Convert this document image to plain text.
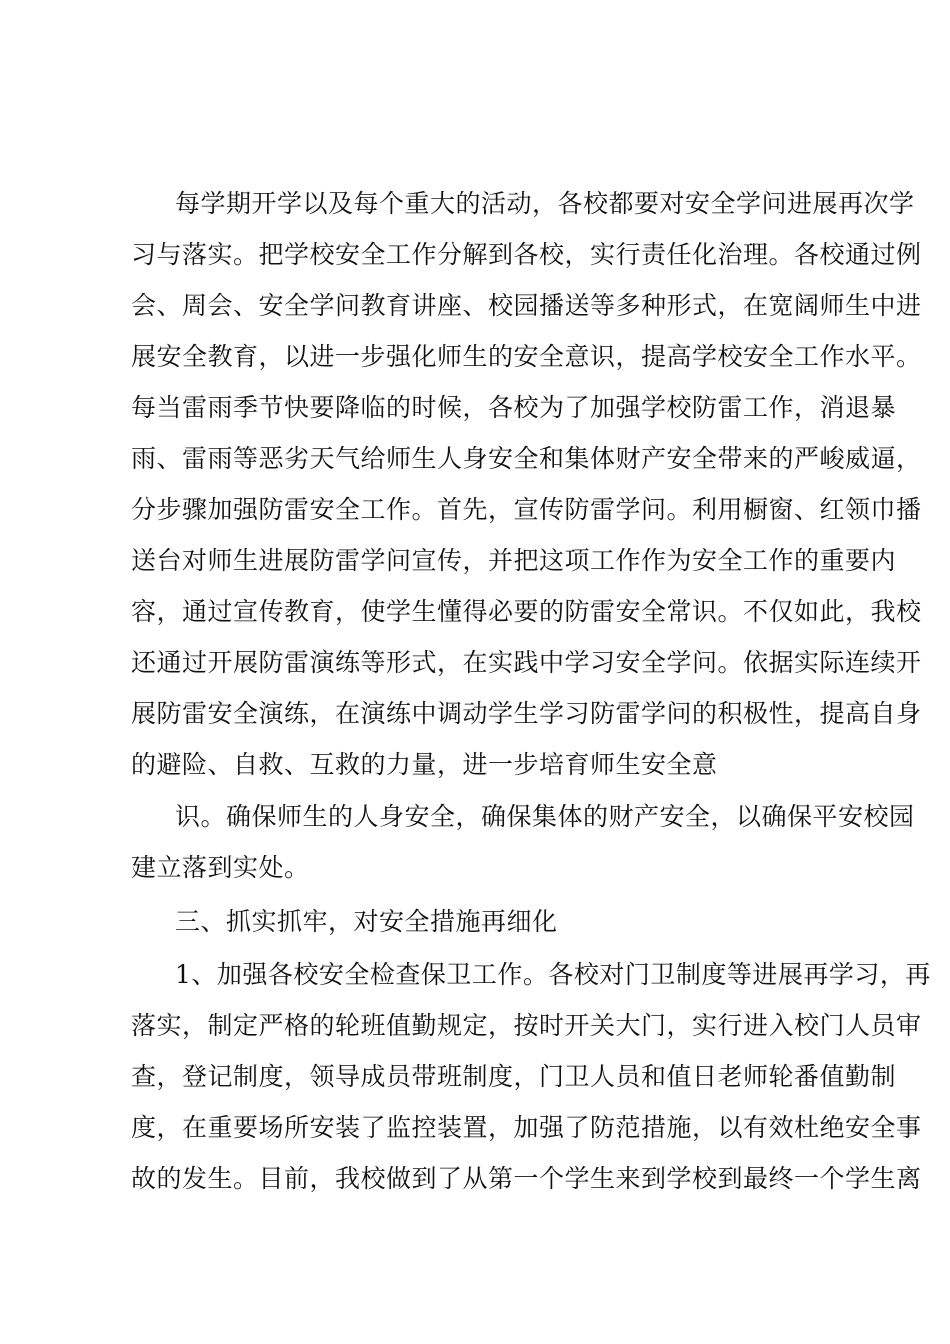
每学期开学以及每个重大的活动，各校都要对安全学问进展再次学
习与落实。把学校安全工作分解到各校，实行责任化治理。各校通过例
会、周会、安全学问教育讲座、校园播送等多种形式，在宽阔师生中进
展安全教育，以进一步强化师生的安全意识，提高学校安全工作水平。
每当雷雨季节快要降临的时候，各校为了加强学校防雷工作，消退暴
雨、雷雨等恶劣天气给师生人身安全和集体财产安全带来的严峻威逼，
分步骤加强防雷安全工作。首先，宣传防雷学问。利用橱窗、红领巾播
送台对师生进展防雷学问宣传，并把这项工作作为安全工作的重要内
容，通过宣传教育，使学生懂得必要的防雷安全常识。不仅如此，我校
还通过开展防雷演练等形式，在实践中学习安全学问。依据实际连续开
展防雷安全演练，在演练中调动学生学习防雷学问的积极性，提高自身
的避险、自救、互救的力量，进一步培育师生安全意
识。确保师生的人身安全，确保集体的财产安全，以确保平安校园
建立落到实处。
三、抓实抓牢，对安全措施再细化
1、加强各校安全检查保卫工作。各校对门卫制度等进展再学习，再
落实，制定严格的轮班值勤规定，按时开关大门，实行进入校门人员审
查，登记制度，领导成员带班制度，门卫人员和值日老师轮番值勤制
度，在重要场所安装了监控装置，加强了防范措施，以有效杜绝安全事
故的发生。目前，我校做到了从第一个学生来到学校到最终一个学生离
